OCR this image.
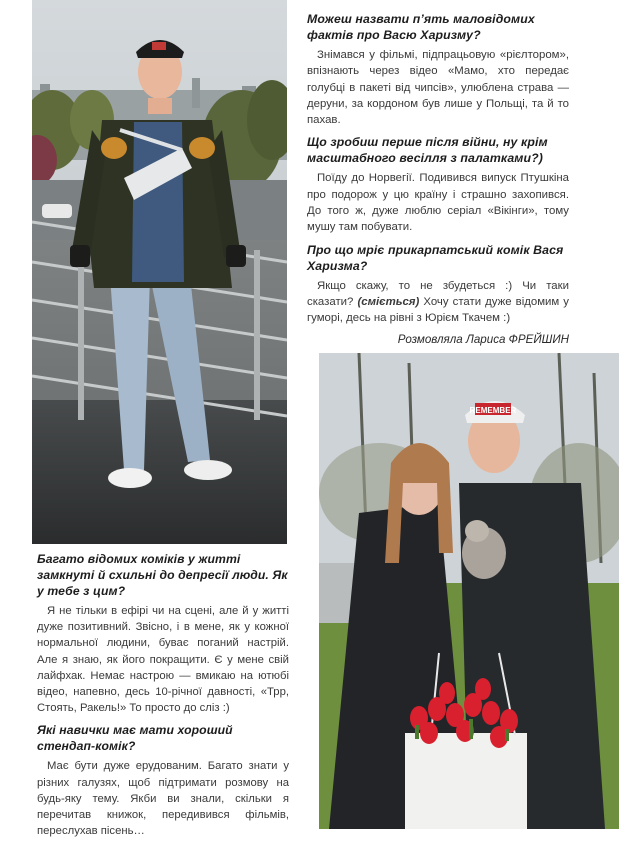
Можеш назвати п’ять маловідомих фактів про Васю Харизму?

Знімався у фільмі, підпрацьовую «рієлтором», впізнають через відео «Мамо, хто передає голубці в пакеті від чипсів», улюблена страва — деруни, за кордоном був лише у Польщі, та й то пахав.

Що зробиш перше після війни, ну крім масштабного весілля з палатками?)

Поїду до Норвегії. Подивився випуск Птушкіна про подорож у цю країну і страшно захопився. До того ж, дуже люблю серіал «Вікінги», тому мушу там побувати.

Про що мріє прикарпатський комік Вася Харизма?

Якщо скажу, то не збудеться :) Чи таки сказати? (сміється) Хочу стати дуже відомим у гуморі, десь на рівні з Юрієм Ткачем :)

Розмовляла Лариса ФРЕЙШИН

Багато відомих коміків у житті замкнуті й схильні до депресії люди. Як у тебе з цим?

Я не тільки в ефірі чи на сцені, але й у житті дуже позитивний. Звісно, і в мене, як у кожної нормальної людини, буває поганий настрій. Але я знаю, як його покращити. Є у мене свій лайфхак. Немає настрою — вмикаю на ютюбі відео, напевно, десь 10-річної давності, «Трр, Стоять, Ракель!» То просто до сліз :)

Які навички має мати хороший стендап-комік?

Має бути дуже ерудованим. Багато знати у різних галузях, щоб підтримати розмову на будь-яку тему. Якби ви знали, скільки я перечитав книжок, передивився фільмів, переслухав пісень…

REMEMBER
